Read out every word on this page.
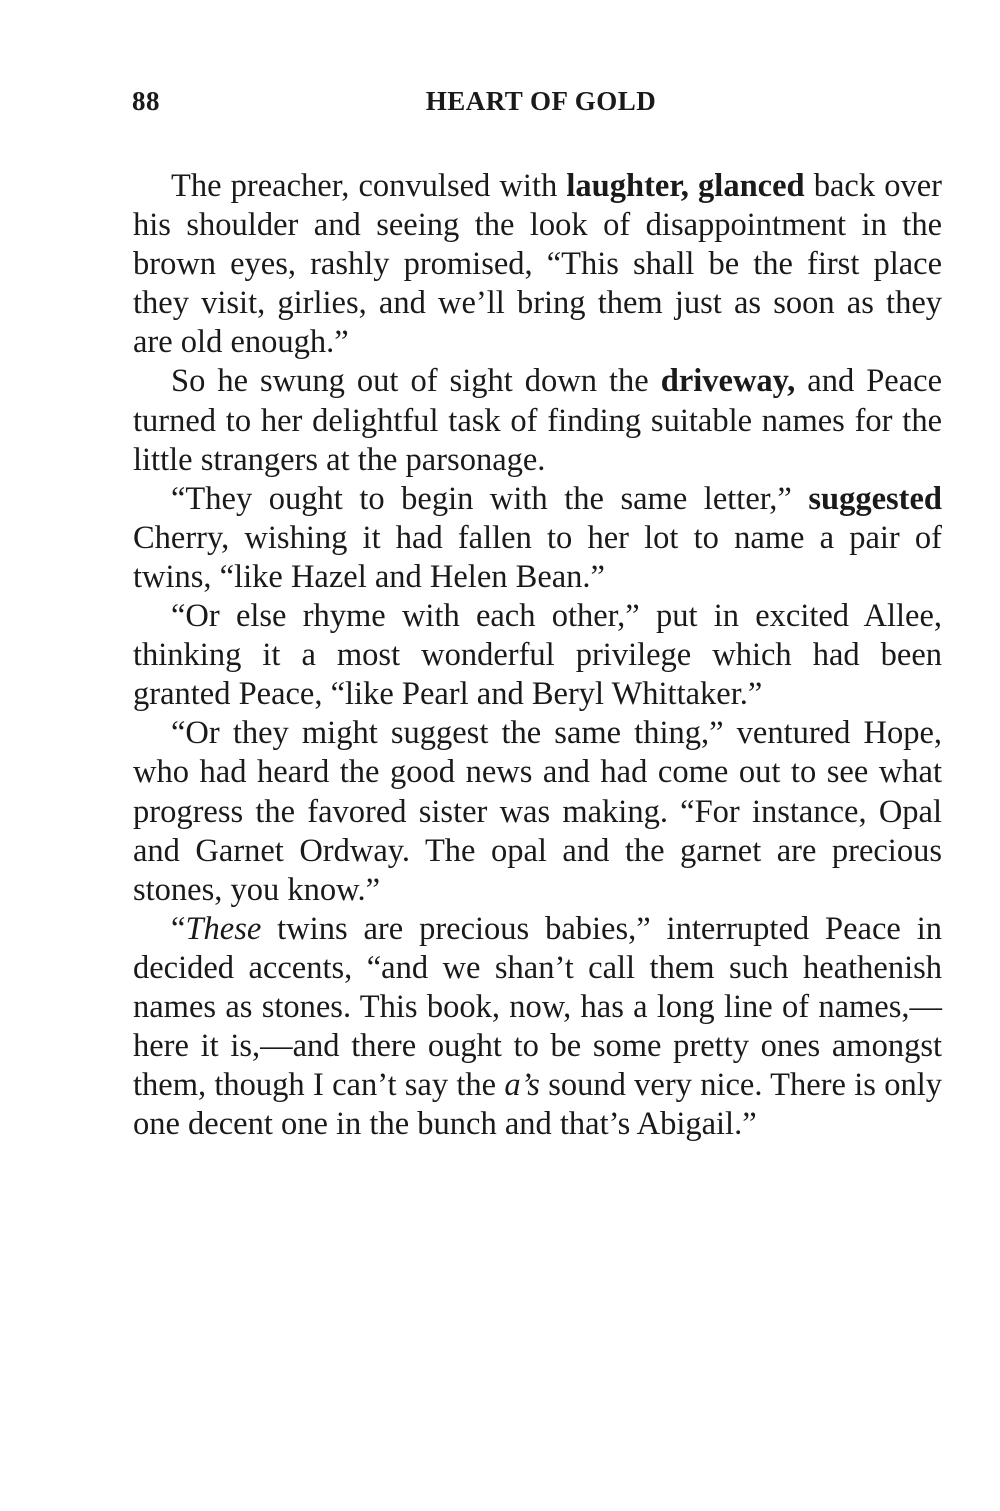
88	HEART OF GOLD

The preacher, convulsed with laughter, glanced back over his shoulder and seeing the look of disappointment in the brown eyes, rashly promised, “This shall be the first place they visit, girlies, and we’ll bring them just as soon as they are old enough.”

So he swung out of sight down the driveway, and Peace turned to her delightful task of finding suitable names for the little strangers at the parsonage.

“They ought to begin with the same letter,” suggested Cherry, wishing it had fallen to her lot to name a pair of twins, “like Hazel and Helen Bean.”

“Or else rhyme with each other,” put in excited Allee, thinking it a most wonderful privilege which had been granted Peace, “like Pearl and Beryl Whittaker.”

“Or they might suggest the same thing,” ventured Hope, who had heard the good news and had come out to see what progress the favored sister was making. “For instance, Opal and Garnet Ordway. The opal and the garnet are precious stones, you know.”

“These twins are precious babies,” interrupted Peace in decided accents, “and we shan’t call them such heathenish names as stones. This book, now, has a long line of names,—here it is,—and there ought to be some pretty ones amongst them, though I can’t say the a’s sound very nice. There is only one decent one in the bunch and that’s Abigail.”
